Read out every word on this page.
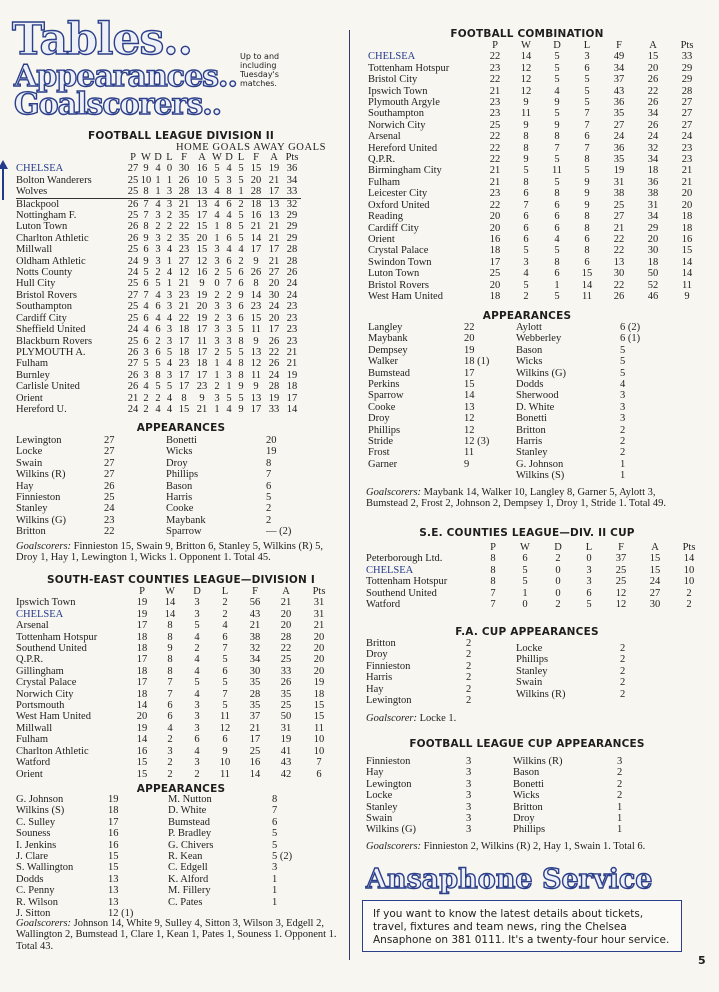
Tables..
Appearances..
Goalscorers..
Up to and
including
Tuesday's
matches.
FOOTBALL LEAGUE DIVISION II
HOME GOALS AWAY GOALS
	P	W	D	L	F	A	W	D	L	F	A	Pts
CHELSEA	27	9	4	0	30	16	5	4	5	15	19	36
Bolton Wanderers	25	10	1	1	26	10	5	3	5	20	21	34
Wolves	25	8	1	3	28	13	4	8	1	28	17	33
Blackpool	26	7	4	3	21	13	4	6	2	18	13	32
Nottingham F.	25	7	3	2	35	17	4	4	5	16	13	29
Luton Town	26	8	2	2	22	15	1	8	5	21	21	29
Charlton Athletic	26	9	3	2	35	20	1	6	5	14	21	29
Millwall	25	6	3	4	23	15	3	4	4	17	17	28
Oldham Athletic	24	9	3	1	27	12	3	6	2	9	21	28
Notts County	24	5	2	4	12	16	2	5	6	26	27	26
Hull City	25	6	5	1	21	9	0	7	6	8	20	24
Bristol Rovers	27	7	4	3	23	19	2	2	9	14	30	24
Southampton	25	4	6	3	21	20	3	3	6	23	24	23
Cardiff City	25	6	4	4	22	19	2	3	6	15	20	23
Sheffield United	24	4	6	3	18	17	3	3	5	11	17	23
Blackburn Rovers	25	6	2	3	17	11	3	3	8	9	26	23
PLYMOUTH A.	26	3	6	5	18	17	2	5	5	13	22	21
Fulham	27	5	5	4	23	18	1	4	8	12	26	21
Burnley	26	3	8	3	17	17	1	3	8	11	24	19
Carlisle United	26	4	5	5	17	23	2	1	9	9	28	18
Orient	21	2	2	4	8	9	3	5	5	13	19	17
Hereford U.	24	2	4	4	15	21	1	4	9	17	33	14
APPEARANCES
Lewington	27
Locke	27
Swain	27
Wilkins (R)	27
Hay	26
Finnieston	25
Stanley	24
Wilkins (G)	23
Britton	22
Bonetti	20
Wicks	19
Droy	8
Phillips	7
Bason	6
Harris	5
Cooke	2
Maybank	2
Sparrow	— (2)
Goalscorers: Finnieston 15, Swain 9, Britton 6, Stanley 5, Wilkins (R) 5, Droy 1, Hay 1, Lewington 1, Wicks 1. Opponent 1. Total 45.
SOUTH-EAST COUNTIES LEAGUE—DIVISION I
	P	W	D	L	F	A	Pts
Ipswich Town	19	14	3	2	56	21	31
CHELSEA	19	14	3	2	43	20	31
Arsenal	17	8	5	4	21	20	21
Tottenham Hotspur	18	8	4	6	38	28	20
Southend United	18	9	2	7	32	22	20
Q.P.R.	17	8	4	5	34	25	20
Gillingham	18	8	4	6	30	33	20
Crystal Palace	17	7	5	5	35	26	19
Norwich City	18	7	4	7	28	35	18
Portsmouth	14	6	3	5	35	25	15
West Ham United	20	6	3	11	37	50	15
Millwall	19	4	3	12	21	31	11
Fulham	14	2	6	6	17	19	10
Charlton Athletic	16	3	4	9	25	41	10
Watford	15	2	3	10	16	43	7
Orient	15	2	2	11	14	42	6
APPEARANCES
G. Johnson	19
Wilkins (S)	18
C. Sulley	17
Souness	16
I. Jenkins	16
J. Clare	15
S. Wallington	15
Dodds	13
C. Penny	13
R. Wilson	13
J. Sitton	12 (1)
M. Nutton	8
D. White	7
Bumstead	6
P. Bradley	5
G. Chivers	5
R. Kean	5 (2)
C. Edgell	3
K. Alford	1
M. Fillery	1
C. Pates	1
Goalscorers: Johnson 14, White 9, Sulley 4, Sitton 3, Wilson 3, Edgell 2, Wallington 2, Bumstead 1, Clare 1, Kean 1, Pates 1, Souness 1. Opponent 1. Total 43.
FOOTBALL COMBINATION
	P	W	D	L	F	A	Pts
CHELSEA	22	14	5	3	49	15	33
Tottenham Hotspur	23	12	5	6	34	20	29
Bristol City	22	12	5	5	37	26	29
Ipswich Town	21	12	4	5	43	22	28
Plymouth Argyle	23	9	9	5	36	26	27
Southampton	23	11	5	7	35	34	27
Norwich City	25	9	9	7	27	26	27
Arsenal	22	8	8	6	24	24	24
Hereford United	22	8	7	7	36	32	23
Q.P.R.	22	9	5	8	35	34	23
Birmingham City	21	5	11	5	19	18	21
Fulham	21	8	5	9	31	36	21
Leicester City	23	6	8	9	38	38	20
Oxford United	22	7	6	9	25	31	20
Reading	20	6	6	8	27	34	18
Cardiff City	20	6	6	8	21	29	18
Orient	16	6	4	6	22	20	16
Crystal Palace	18	5	5	8	22	30	15
Swindon Town	17	3	8	6	13	18	14
Luton Town	25	4	6	15	30	50	14
Bristol Rovers	20	5	1	14	22	52	11
West Ham United	18	2	5	11	26	46	9
APPEARANCES
Langley	22
Maybank	20
Dempsey	19
Walker	18 (1)
Bumstead	17
Perkins	15
Sparrow	14
Cooke	13
Droy	12
Phillips	12
Stride	12 (3)
Frost	11
Garner	9
Aylott	6 (2)
Webberley	6 (1)
Bason	5
Wicks	5
Wilkins (G)	5
Dodds	4
Sherwood	3
D. White	3
Bonetti	3
Britton	2
Harris	2
Stanley	2
G. Johnson	1
Wilkins (S)	1
Goalscorers: Maybank 14, Walker 10, Langley 8, Garner 5, Aylott 3, Bumstead 2, Frost 2, Johnson 2, Dempsey 1, Droy 1, Stride 1. Total 49.
S.E. COUNTIES LEAGUE—DIV. II CUP
	P	W	D	L	F	A	Pts
Peterborough Ltd.	8	6	2	0	37	15	14
CHELSEA	8	5	0	3	25	15	10
Tottenham Hotspur	8	5	0	3	25	24	10
Southend United	7	1	0	6	12	27	2
Watford	7	0	2	5	12	30	2
F.A. CUP APPEARANCES
Britton	2
Droy	2
Finnieston	2
Harris	2
Hay	2
Lewington	2
Locke	2
Phillips	2
Stanley	2
Swain	2
Wilkins (R)	2
Goalscorer: Locke 1.
FOOTBALL LEAGUE CUP APPEARANCES
Finnieston	3
Hay	3
Lewington	3
Locke	3
Stanley	3
Swain	3
Wilkins (G)	3
Wilkins (R)	3
Bason	2
Bonetti	2
Wicks	2
Britton	1
Droy	1
Phillips	1
Goalscorers: Finnieston 2, Wilkins (R) 2, Hay 1, Swain 1. Total 6.
Ansaphone Service
If you want to know the latest details about tickets, travel, fixtures and team news, ring the Chelsea Ansaphone on 381 0111. It's a twenty-four hour service.
5
